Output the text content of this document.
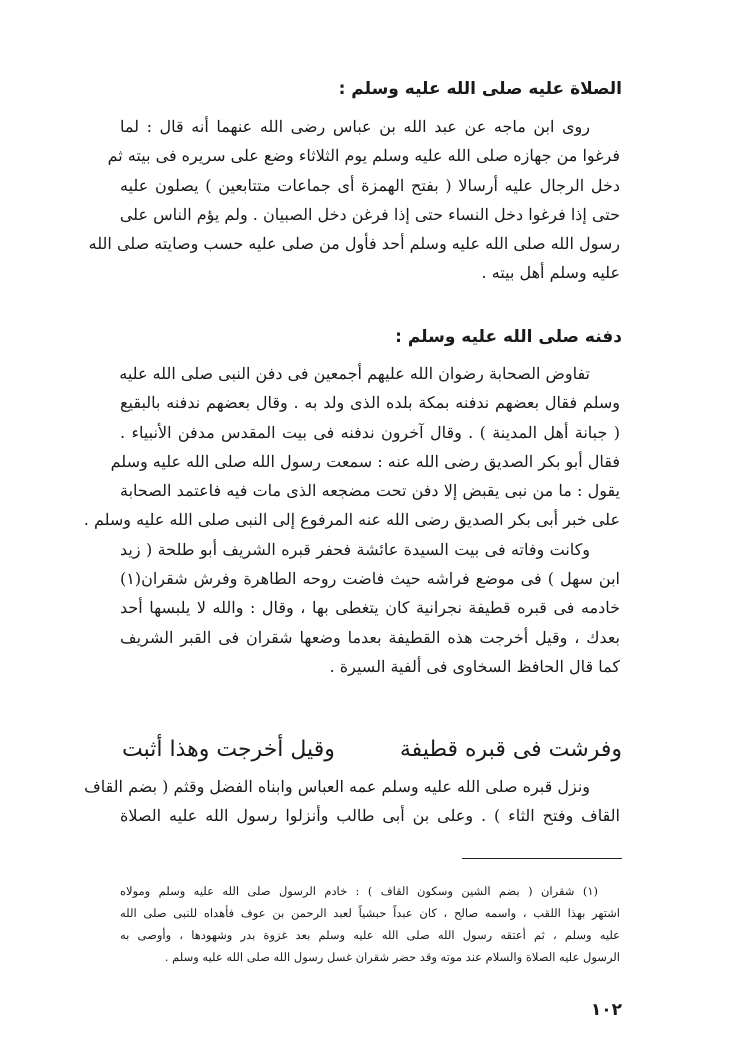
الصلاة عليه صلى الله عليه وسلم :
روى ابن ماجه عن عبد الله بن عباس رضى الله عنهما أنه قال : لما
فرغوا من جهازه صلى الله عليه وسلم يوم الثلاثاء وضع على سريره فى بيته ثم
دخل الرجال عليه أرسالا ( بفتح الهمزة أى جماعات متتابعين ) يصلون عليه
حتى إذا فرغوا دخل النساء حتى إذا فرغن دخل الصبيان . ولم يؤم الناس على
رسول الله صلى الله عليه وسلم أحد فأول من صلى عليه حسب وصايته صلى الله
عليه وسلم أهل بيته .
دفنه صلى الله عليه وسلم :
تفاوض الصحابة رضوان الله عليهم أجمعين فى دفن النبى صلى الله عليه
وسلم فقال بعضهم ندفنه بمكة بلده الذى ولد به . وقال بعضهم ندفنه بالبقيع
( جبانة أهل المدينة ) . وقال آخرون ندفنه فى بيت المقدس مدفن الأنبياء .
فقال أبو بكر الصديق رضى الله عنه : سمعت رسول الله صلى الله عليه وسلم
يقول : ما من نبى يقبض إلا دفن تحت مضجعه الذى مات فيه فاعتمد الصحابة
على خبر أبى بكر الصديق رضى الله عنه المرفوع إلى النبى صلى الله عليه وسلم .
وكانت وفاته فى بيت السيدة عائشة فحفر قبره الشريف أبو طلحة ( زيد
ابن سهل ) فى موضع فراشه حيث فاضت روحه الطاهرة وفرش شقران(١)
خادمه فى قبره قطيفة نجرانية كان يتغطى بها ، وقال : والله لا يلبسها أحد
بعدك ، وقيل أخرجت هذه القطيفة بعدما وضعها شقران فى القبر الشريف
كما قال الحافظ السخاوى فى ألفية السيرة .
وفرشت فى قبره قطيفة
وقيل أخرجت وهذا أثبت
ونزل قبره صلى الله عليه وسلم عمه العباس وابناه الفضل وقثم ( بضم القاف
القاف وفتح الثاء ) . وعلى بن أبى طالب وأنزلوا رسول الله عليه الصلاة
(١) شقران ( بضم الشين وسكون القاف ) : خادم الرسول صلى الله عليه وسلم ومولاه
اشتهر بهذا اللقب ، واسمه صالح ، كان عبداً حبشياً لعبد الرحمن بن عوف فأهداه للنبى صلى الله
عليه وسلم ، ثم أعتقه رسول الله صلى الله عليه وسلم بعد غزوة بدر وشهودها ، وأوصى به
الرسول عليه الصلاة والسلام عند موته وقد حضر شقران غسل رسول الله صلى الله عليه وسلم .
١٠٢
